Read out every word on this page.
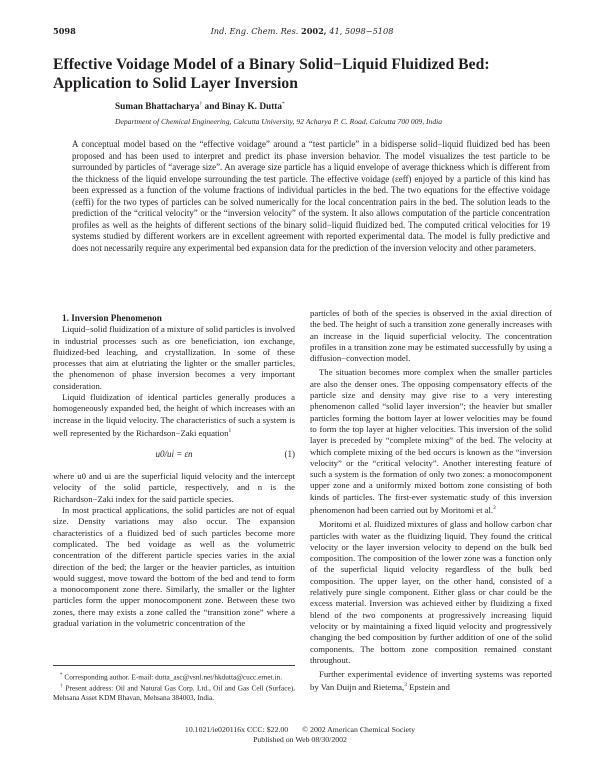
5098	Ind. Eng. Chem. Res. 2002, 41, 5098−5108
Effective Voidage Model of a Binary Solid−Liquid Fluidized Bed: Application to Solid Layer Inversion
Suman Bhattacharya† and Binay K. Dutta*
Department of Chemical Engineering, Calcutta University, 92 Acharya P. C. Road, Calcutta 700 009, India
A conceptual model based on the “effective voidage” around a “test particle” in a bidisperse solid−liquid fluidized bed has been proposed and has been used to interpret and predict its phase inversion behavior. The model visualizes the test particle to be surrounded by particles of “average size”. An average size particle has a liquid envelope of average thickness which is different from the thickness of the liquid envelope surrounding the test particle. The effective voidage (εeff) enjoyed by a particle of this kind has been expressed as a function of the volume fractions of individual particles in the bed. The two equations for the effective voidage (εeffi) for the two types of particles can be solved numerically for the local concentration pairs in the bed. The solution leads to the prediction of the “critical velocity” or the “inversion velocity” of the system. It also allows computation of the particle concentration profiles as well as the heights of different sections of the binary solid−liquid fluidized bed. The computed critical velocities for 19 systems studied by different workers are in excellent agreement with reported experimental data. The model is fully predictive and does not necessarily require any experimental bed expansion data for the prediction of the inversion velocity and other parameters.

1. Inversion Phenomenon

Liquid−solid fluidization of a mixture of solid particles is involved in industrial processes such as ore beneficiation, ion exchange, fluidized-bed leaching, and crystallization. In some of these processes that aim at elutriating the lighter or the smaller particles, the phenomenon of phase inversion becomes a very important consideration.

Liquid fluidization of identical particles generally produces a homogeneously expanded bed, the height of which increases with an increase in the liquid velocity. The characteristics of such a system is well represented by the Richardson−Zaki equation$^1$

u0/ui = εn	(1)

where u0 and ui are the superficial liquid velocity and the intercept velocity of the solid particle, respectively, and n is the Richardson−Zaki index for the said particle species.

In most practical applications, the solid particles are not of equal size. Density variations may also occur. The expansion characteristics of a fluidized bed of such particles become more complicated. The bed voidage as well as the volumetric concentration of the different particle species varies in the axial direction of the bed; the larger or the heavier particles, as intuition would suggest, move toward the bottom of the bed and tend to form a monocomponent zone there. Similarly, the smaller or the lighter particles form the upper monocomponent zone. Between these two zones, there may exists a zone called the “transition zone” where a gradual variation in the volumetric concentration of the

particles of both of the species is observed in the axial direction of the bed. The height of such a transition zone generally increases with an increase in the liquid superficial velocity. The concentration profiles in a transition zone may be estimated successfully by using a diffusion−convection model.

The situation becomes more complex when the smaller particles are also the denser ones. The opposing compensatory effects of the particle size and density may give rise to a very interesting phenomenon called “solid layer inversion”; the heavier but smaller particles forming the bottom layer at lower velocities may be found to form the top layer at higher velocities. This inversion of the solid layer is preceded by “complete mixing” of the bed. The velocity at which complete mixing of the bed occurs is known as the “inversion velocity” or the “critical velocity”. Another interesting feature of such a system is the formation of only two zones: a monocomponent upper zone and a uniformly mixed bottom zone consisting of both kinds of particles. The first-ever systematic study of this inversion phenomenon had been carried out by Moritomi et al.$^2$

Moritomi et al. fluidized mixtures of glass and hollow carbon char particles with water as the fluidizing liquid. They found the critical velocity or the layer inversion velocity to depend on the bulk bed composition. The composition of the lower zone was a function only of the superficial liquid velocity regardless of the bulk bed composition. The upper layer, on the other hand, consisted of a relatively pure single component. Either glass or char could be the excess material. Inversion was achieved either by fluidizing a fixed blend of the two components at progressively increasing liquid velocity or by maintaining a fixed liquid velocity and progressively changing the bed composition by further addition of one of the solid components. The bottom zone composition remained constant throughout.

Further experimental evidence of inverting systems was reported by Van Duijn and Rietema,$^3$ Epstein and

* Corresponding author. E-mail: dutta_asc@vsnl.net/hkdutta@cucc.ernet.in.

† Present address: Oil and Natural Gas Corp. Ltd., Oil and Gas Cell (Surface), Mehsana Asset KDM Bhavan, Mehsana 384003, India.

10.1021/ie020116x CCC: $22.00 © 2002 American Chemical Society
Published on Web 08/30/2002
